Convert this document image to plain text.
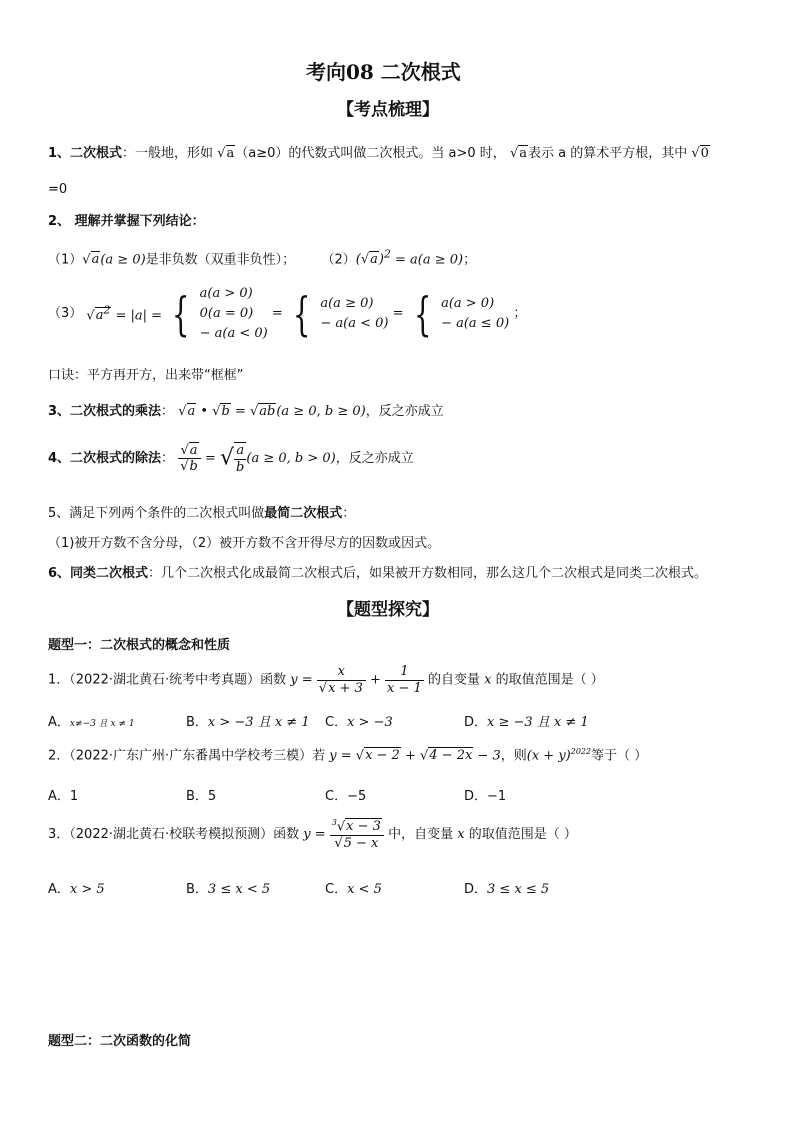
考向08 二次根式
【考点梳理】
1、二次根式：一般地，形如 √a（a≥0）的代数式叫做二次根式。当 a>0 时， √a表示 a 的算术平方根，其中 √0
=0
2、 理解并掌握下列结论：
（1）√a(a ≥ 0)是非负数（双重非负性）； $(2)(√a)^2 = a(a \ge 0)$；
（3） $√a^2 = |a|$ = { a(a > 0)
0(a = 0)
− a(a < 0)
= { a(a ≥ 0)
− a(a < 0)
= { a(a > 0)
− a(a ≤ 0)
；
口诀：平方再开方，出来带“框框”
3、二次根式的乘法： √a • √b = √ab(a ≥ 0, b ≥ 0)，反之亦成立
4、二次根式的除法： $\frac{√a}{√b}$ = √ $\frac{a}{b} (a \ge 0$, b > 0)，反之亦成立
5、满足下列两个条件的二次根式叫做最简二次根式：
（1)被开方数不含分母，（2）被开方数不含开得尽方的因数或因式。
6、同类二次根式：几个二次根式化成最简二次根式后，如果被开方数相同，那么这几个二次根式是同类二次根式。
【题型探究】
题型一：二次根式的概念和性质
1．（2022·湖北黄石·统考中考真题）函数 $y = \frac{x}{√x + 3} + \frac{1}{x - 1}$ 的自变量 x 的取值范围是（ ）
A．x≠−3 且 x ≠ 1	B．x > −3 且 x ≠ 1 C．x > −3	D．x ≥ −3 且 x ≠ 1
2．（2022·广东广州·广东番禺中学校考三模）若 y = √x − 2 + √4 − 2x − 3，则$(x + y)^{2022}$等于（ ）
A．1	B．5	C．−5	D．−1
3．（2022·湖北黄石·校联考模拟预测）函数 $y = \frac{^3√x - 3}{√5 - x}$ 中，自变量 x 的取值范围是（ ）
A．x > 5	B．3 ≤ x < 5	C．x < 5	D．3 ≤ x ≤ 5
题型二：二次函数的化简
